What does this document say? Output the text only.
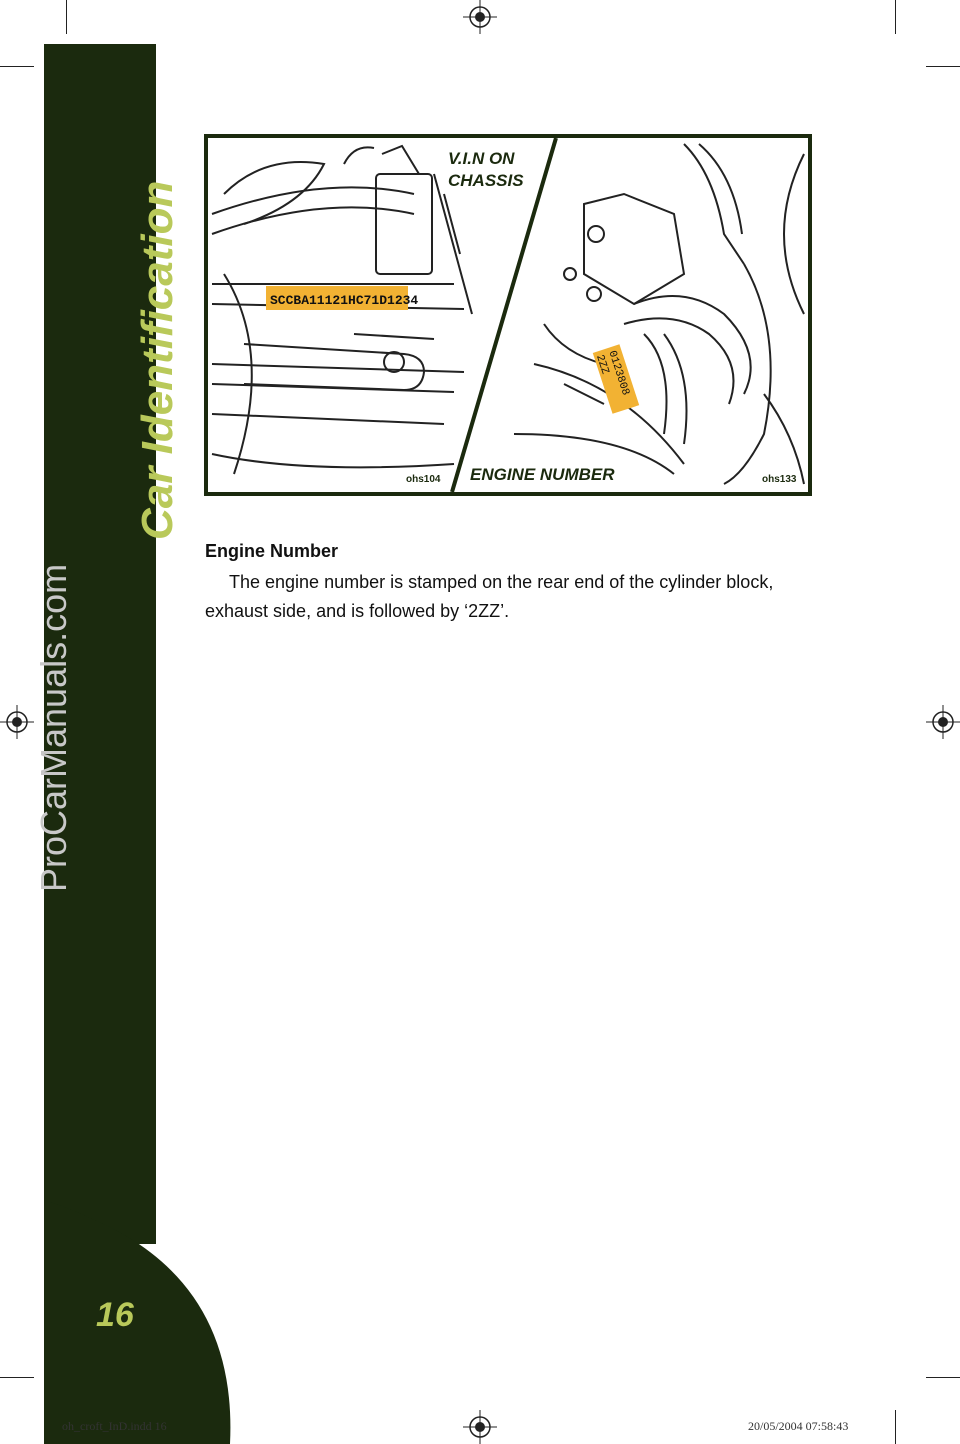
Car Identification
16
ProCarManuals.com
SCCBA11121HC71D1234
0123808
2ZZ
V.I.N ON
CHASSIS
ENGINE NUMBER
ohs104	ohs133
Engine Number

The engine number is stamped on the rear end of the cylinder block, exhaust side, and is followed by ‘2ZZ’.

oh_croft_InD.indd 16	20/05/2004 07:58:43
